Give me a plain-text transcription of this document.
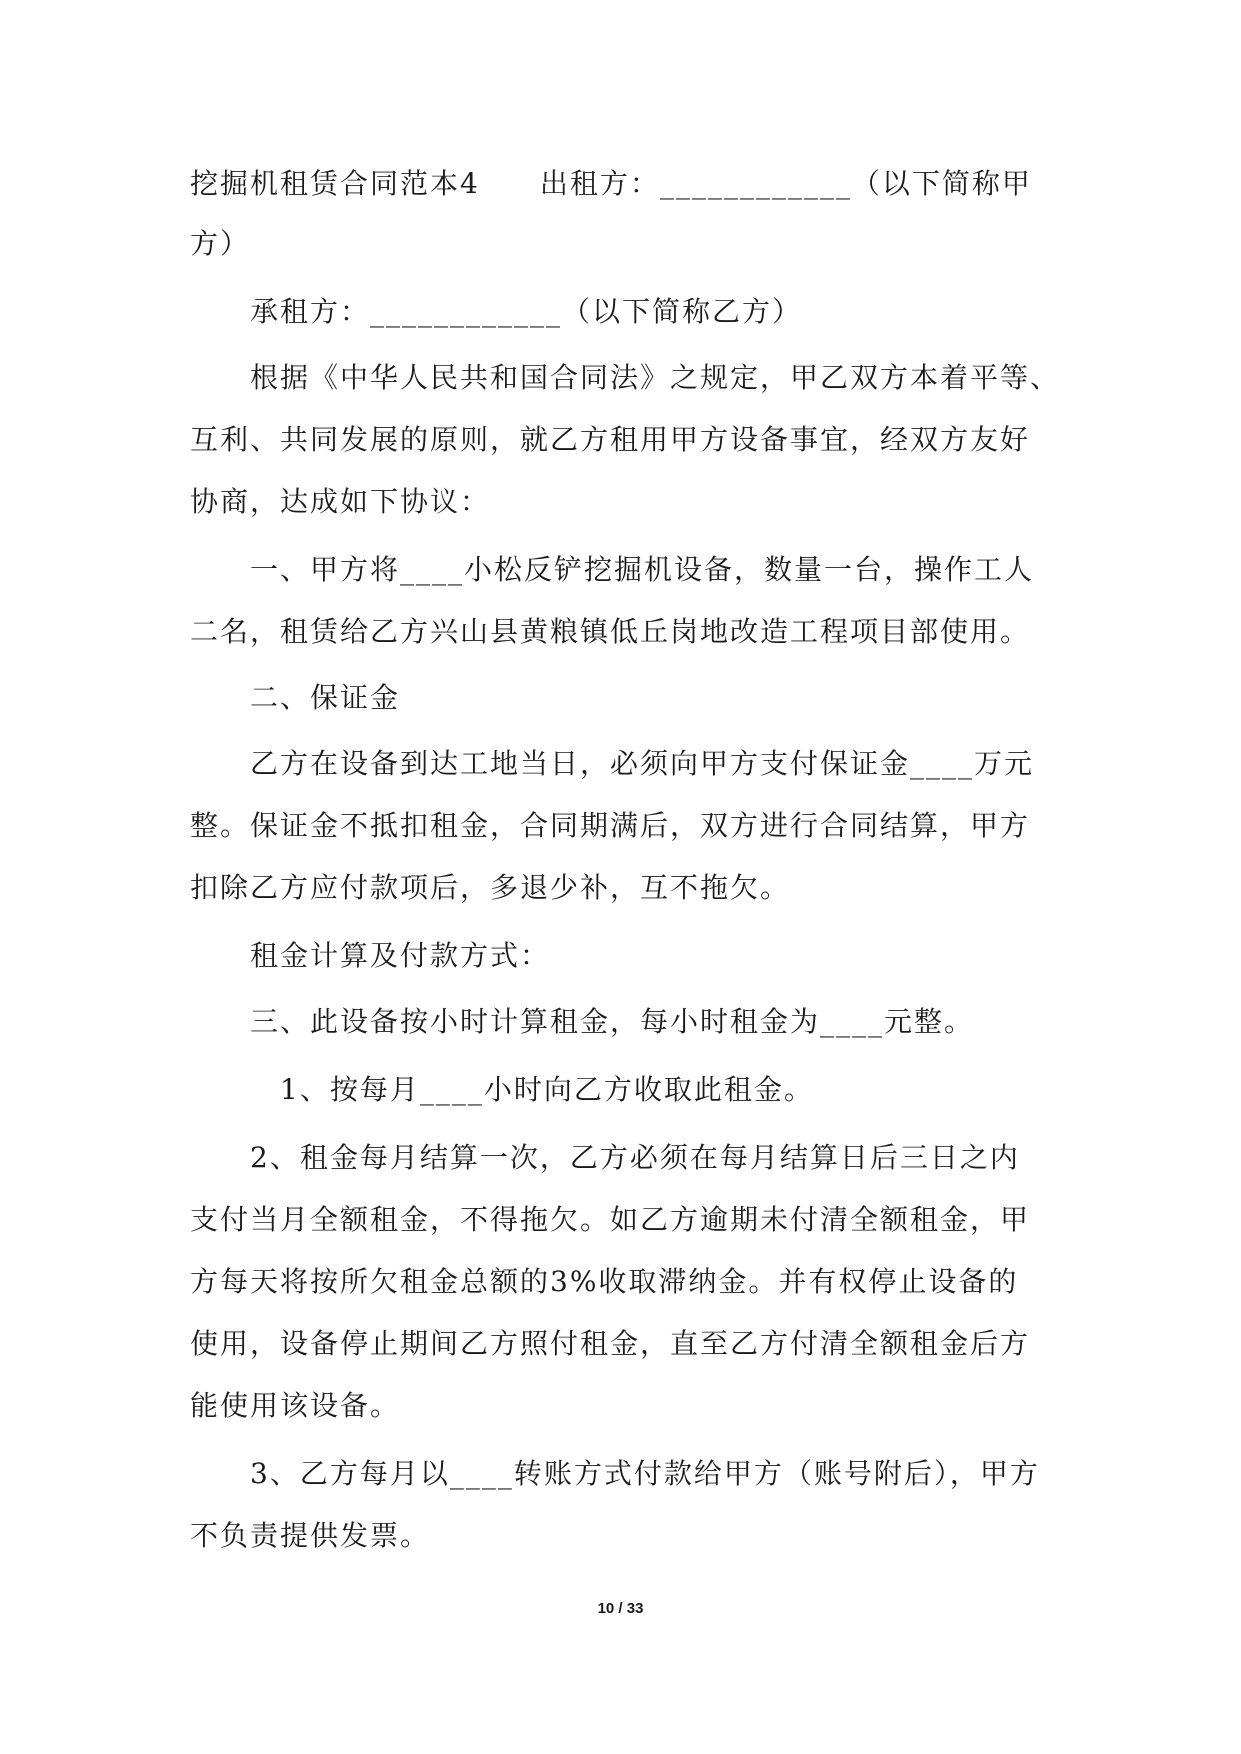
挖掘机租赁合同范本4　　出租方：____________（以下简称甲
方）
　　承租方：____________（以下简称乙方）
　　根据《中华人民共和国合同法》之规定，甲乙双方本着平等、
互利、共同发展的原则，就乙方租用甲方设备事宜，经双方友好
协商，达成如下协议：
　　一、甲方将____小松反铲挖掘机设备，数量一台，操作工人
二名，租赁给乙方兴山县黄粮镇低丘岗地改造工程项目部使用。
　　二、保证金
　　乙方在设备到达工地当日，必须向甲方支付保证金____万元
整。保证金不抵扣租金，合同期满后，双方进行合同结算，甲方
扣除乙方应付款项后，多退少补，互不拖欠。
　　租金计算及付款方式：
　　三、此设备按小时计算租金，每小时租金为____元整。
　　　1、按每月____小时向乙方收取此租金。
　　2、租金每月结算一次，乙方必须在每月结算日后三日之内
支付当月全额租金，不得拖欠。如乙方逾期未付清全额租金，甲
方每天将按所欠租金总额的3%收取滞纳金。并有权停止设备的
使用，设备停止期间乙方照付租金，直至乙方付清全额租金后方
能使用该设备。
　　3、乙方每月以____转账方式付款给甲方（账号附后），甲方
不负责提供发票。
10 / 33
